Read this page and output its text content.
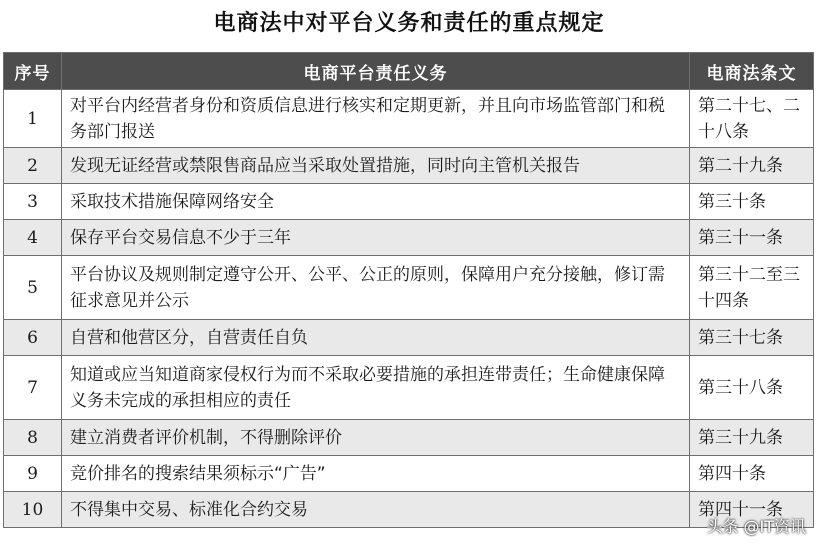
电商法中对平台义务和责任的重点规定
序号	电商平台责任义务	电商法条文
1	对平台内经营者身份和资质信息进行核实和定期更新，并且向市场监管部门和税务部门报送	第二十七、二十八条
2	发现无证经营或禁限售商品应当采取处置措施，同时向主管机关报告	第二十九条
3	采取技术措施保障网络安全	第三十条
4	保存平台交易信息不少于三年	第三十一条
5	平台协议及规则制定遵守公开、公平、公正的原则，保障用户充分接触，修订需征求意见并公示	第三十二至三十四条
6	自营和他营区分，自营责任自负	第三十七条
7	知道或应当知道商家侵权行为而不采取必要措施的承担连带责任；生命健康保障义务未完成的承担相应的责任	第三十八条
8	建立消费者评价机制，不得删除评价	第三十九条
9	竞价排名的搜索结果须标示“广告”	第四十条
10	不得集中交易、标准化合约交易	第四十一条
头条 @IT资讯
